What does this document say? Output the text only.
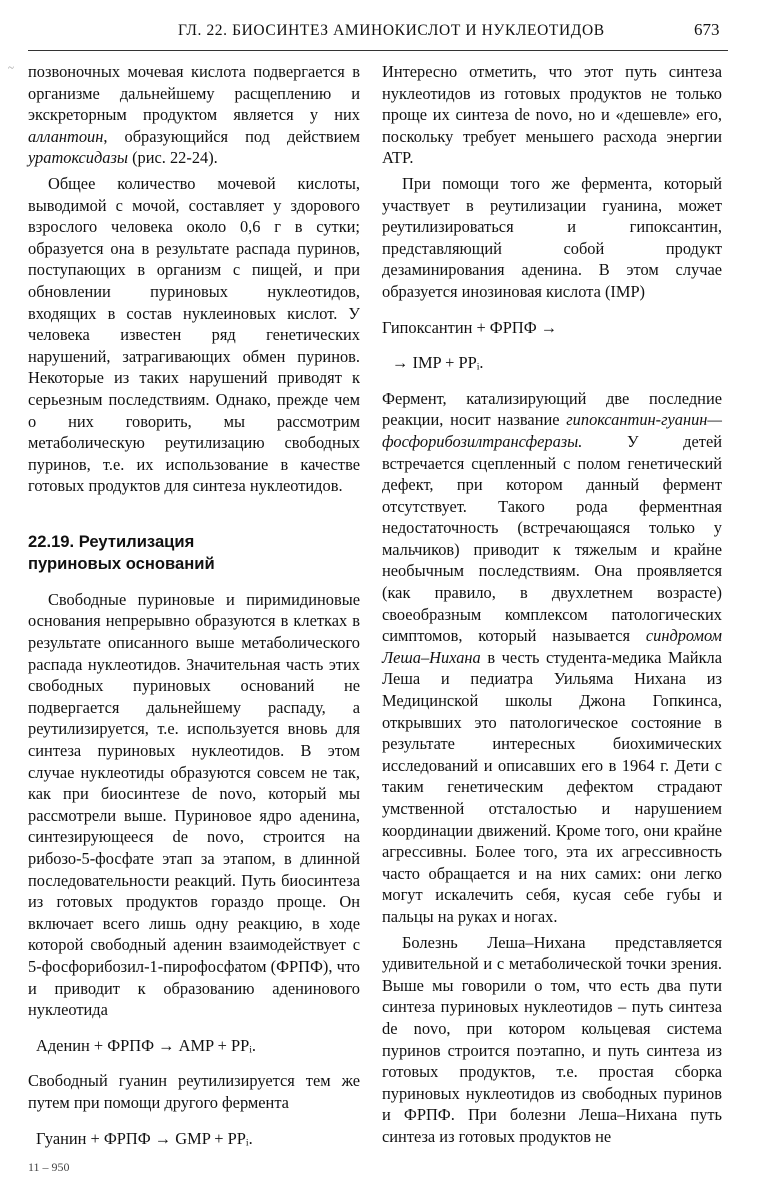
ГЛ. 22. БИОСИНТЕЗ АМИНОКИСЛОТ И НУКЛЕОТИДОВ	673
~ позвоночных мочевая кислота подвергается в организме дальнейшему расщеплению и экскреторным продуктом является у них аллантоин, образующийся под действием уратоксидазы (рис. 22-24).

Общее количество мочевой кислоты, выводимой с мочой, составляет у здорового взрослого человека около 0,6 г в сутки; образуется она в результате распада пуринов, поступающих в организм с пищей, и при обновлении пуриновых нуклеотидов, входящих в состав нуклеиновых кислот. У человека известен ряд генетических нарушений, затрагивающих обмен пуринов. Некоторые из таких нарушений приводят к серьезным последствиям. Однако, прежде чем о них говорить, мы рассмотрим метаболическую реутилизацию свободных пуринов, т.е. их использование в качестве готовых продуктов для синтеза нуклеотидов.

22.19. Реутилизация
пуриновых оснований

Свободные пуриновые и пиримидиновые основания непрерывно образуются в клетках в результате описанного выше метаболического распада нуклеотидов. Значительная часть этих свободных пуриновых оснований не подвергается дальнейшему распаду, а реутилизируется, т.е. используется вновь для синтеза пуриновых нуклеотидов. В этом случае нуклеотиды образуются совсем не так, как при биосинтезе de novo, который мы рассмотрели выше. Пуриновое ядро аденина, синтезирующееся de novo, строится на рибозо-5-фосфате этап за этапом, в длинной последовательности реакций. Путь биосинтеза из готовых продуктов гораздо проще. Он включает всего лишь одну реакцию, в ходе которой свободный аденин взаимодействует с 5-фосфорибозил-1-пирофосфатом (ФРПФ), что и приводит к образованию аденинового нуклеотида

Аденин + ФРПФ → AMP + PPᵢ.

Свободный гуанин реутилизируется тем же путем при помощи другого фермента

Гуанин + ФРПФ → GMP + PPᵢ.

Интересно отметить, что этот путь синтеза нуклеотидов из готовых продуктов не только проще их синтеза de novo, но и «дешевле» его, поскольку требует меньшего расхода энергии ATP.

При помощи того же фермента, который участвует в реутилизации гуанина, может реутилизироваться и гипоксантин, представляющий собой продукт дезаминирования аденина. В этом случае образуется инозиновая кислота (IMP)

Гипоксантин + ФРПФ →
→ IMP + PPᵢ.

Фермент, катализирующий две последние реакции, носит название гипоксантин-гуанин—фосфорибозилтрансферазы. У детей встречается сцепленный с полом генетический дефект, при котором данный фермент отсутствует. Такого рода ферментная недостаточность (встречающаяся только у мальчиков) приводит к тяжелым и крайне необычным последствиям. Она проявляется (как правило, в двухлетнем возрасте) своеобразным комплексом патологических симптомов, который называется синдромом Леша–Нихана в честь студента-медика Майкла Леша и педиатра Уильяма Нихана из Медицинской школы Джона Гопкинса, открывших это патологическое состояние в результате интересных биохимических исследований и описавших его в 1964 г. Дети с таким генетическим дефектом страдают умственной отсталостью и нарушением координации движений. Кроме того, они крайне агрессивны. Более того, эта их агрессивность часто обращается и на них самих: они легко могут искалечить себя, кусая себе губы и пальцы на руках и ногах.

Болезнь Леша–Нихана представляется удивительной и с метаболической точки зрения. Выше мы говорили о том, что есть два пути синтеза пуриновых нуклеотидов – путь синтеза de novo, при котором кольцевая система пуринов строится поэтапно, и путь синтеза из готовых продуктов, т.е. простая сборка пуриновых нуклеотидов из свободных пуринов и ФРПФ. При болезни Леша–Нихана путь синтеза из готовых продуктов не

11 – 950
